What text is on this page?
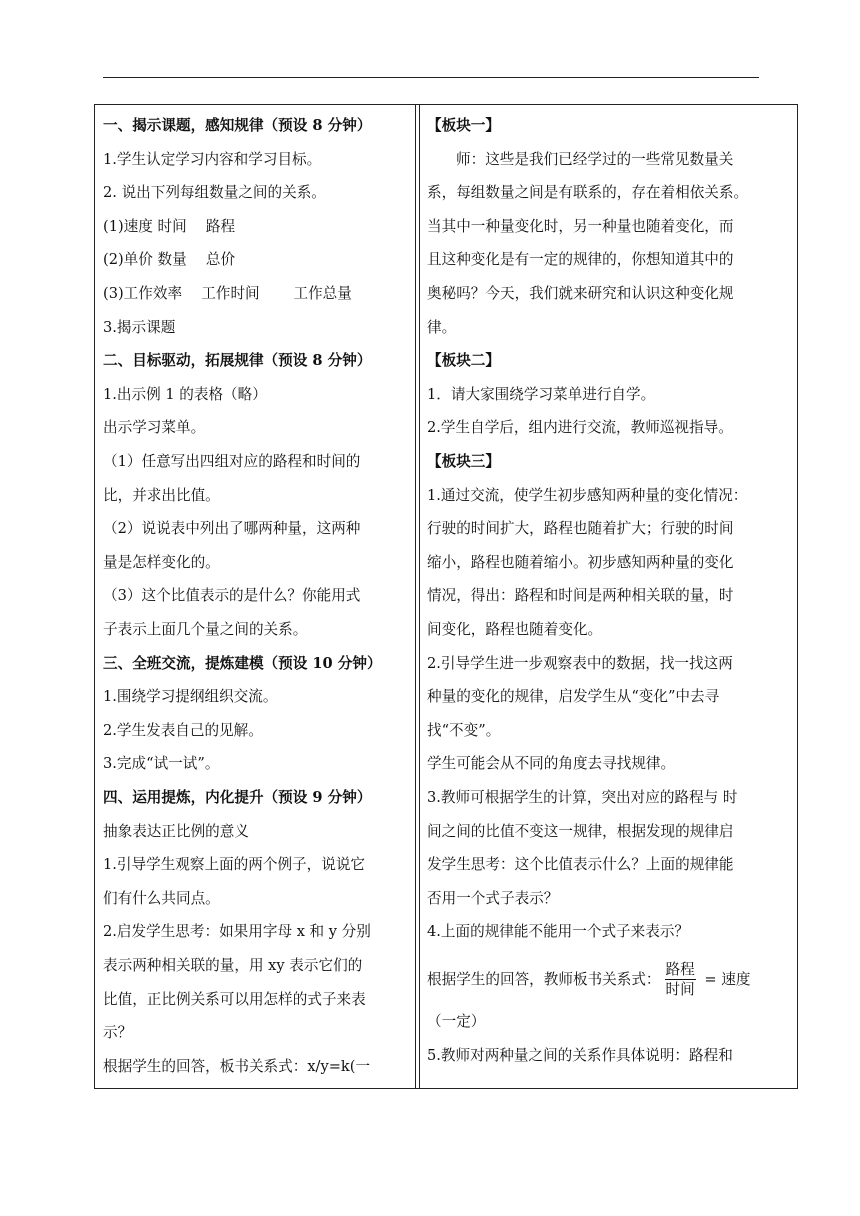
一、揭示课题，感知规律（预设 8 分钟）
1.学生认定学习内容和学习目标。
2. 说出下列每组数量之间的关系。
(1)速度 时间　 路程
(2)单价 数量　 总价
(3)工作效率　 工作时间　　 工作总量
3.揭示课题
二、目标驱动，拓展规律（预设 8 分钟）
1.出示例 1 的表格（略）
出示学习菜单。
（1）任意写出四组对应的路程和时间的
比，并求出比值。
（2）说说表中列出了哪两种量，这两种
量是怎样变化的。
（3）这个比值表示的是什么？你能用式
子表示上面几个量之间的关系。
三、全班交流，提炼建模（预设 10 分钟）
1.围绕学习提纲组织交流。
2.学生发表自己的见解。
3.完成“试一试”。
四、运用提炼，内化提升（预设 9 分钟）
抽象表达正比例的意义
1.引导学生观察上面的两个例子，说说它
们有什么共同点。
2.启发学生思考：如果用字母 x 和 y 分别
表示两种相关联的量，用 xy 表示它们的
比值，正比例关系可以用怎样的式子来表
示？
根据学生的回答，板书关系式：x/y=k(一
【板块一】
师：这些是我们已经学过的一些常见数量关
系，每组数量之间是有联系的，存在着相依关系。
当其中一种量变化时，另一种量也随着变化，而
且这种变化是有一定的规律的，你想知道其中的
奥秘吗？今天，我们就来研究和认识这种变化规
律。
【板块二】
1．请大家围绕学习菜单进行自学。
2.学生自学后，组内进行交流，教师巡视指导。
【板块三】
1.通过交流，使学生初步感知两种量的变化情况：
行驶的时间扩大，路程也随着扩大；行驶的时间
缩小，路程也随着缩小。初步感知两种量的变化
情况，得出：路程和时间是两种相关联的量，时
间变化，路程也随着变化。
2.引导学生进一步观察表中的数据，找一找这两
种量的变化的规律，启发学生从“变化”中去寻
找“不变”。
学生可能会从不同的角度去寻找规律。
3.教师可根据学生的计算，突出对应的路程与 时
间之间的比值不变这一规律，根据发现的规律启
发学生思考：这个比值表示什么？上面的规律能
否用一个式子表示？
4.上面的规律能不能用一个式子来表示？
根据学生的回答，教师板书关系式： $\frac{\text{路程}}{\text{时间}}$ = 速度
（一定）
5.教师对两种量之间的关系作具体说明：路程和
